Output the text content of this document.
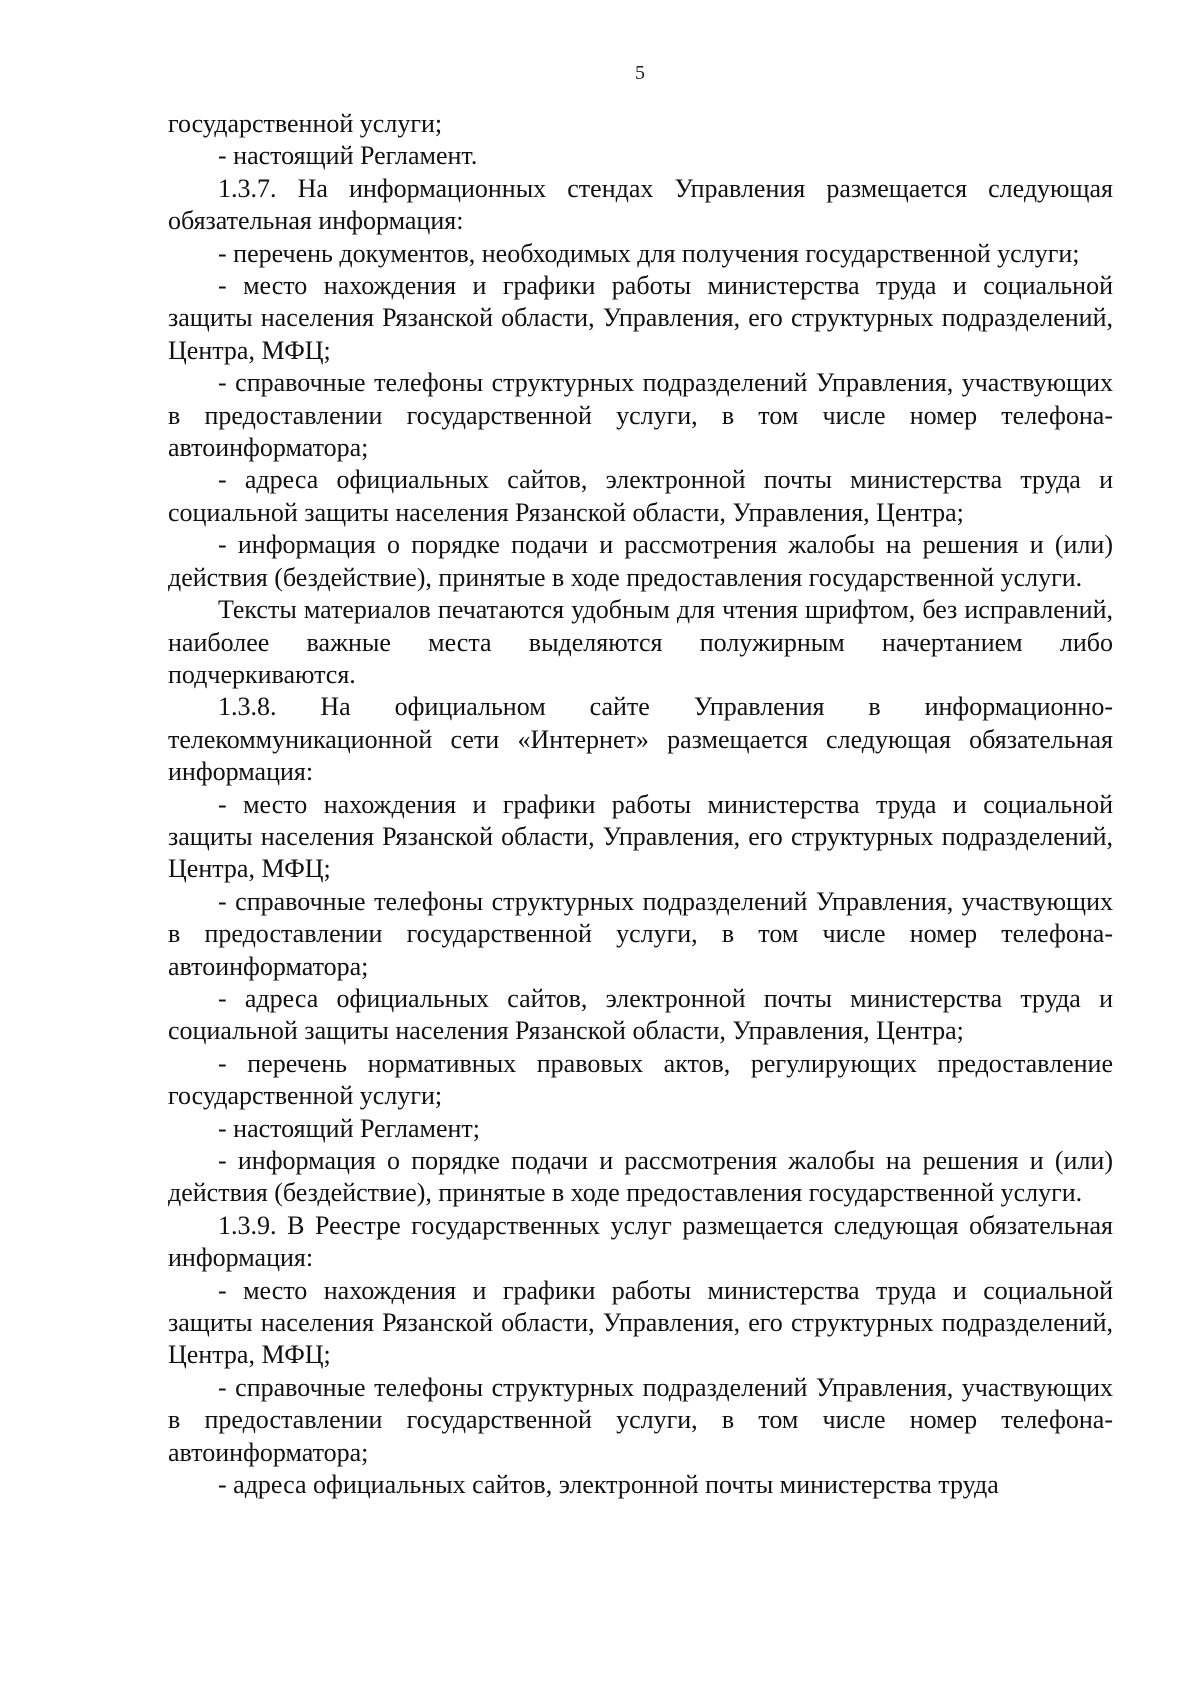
5

государственной услуги;

- настоящий Регламент.

1.3.7. На информационных стендах Управления размещается следующая обязательная информация:

- перечень документов, необходимых для получения государственной услуги;

- место нахождения и графики работы министерства труда и социальной защиты населения Рязанской области, Управления, его структурных подразделений, Центра, МФЦ;

- справочные телефоны структурных подразделений Управления, участвующих в предоставлении государственной услуги, в том числе номер телефона-автоинформатора;

- адреса официальных сайтов, электронной почты министерства труда и социальной защиты населения Рязанской области, Управления, Центра;

- информация о порядке подачи и рассмотрения жалобы на решения и (или) действия (бездействие), принятые в ходе предоставления государственной услуги.

Тексты материалов печатаются удобным для чтения шрифтом, без исправлений, наиболее важные места выделяются полужирным начертанием либо подчеркиваются.

1.3.8. На официальном сайте Управления в информационно-телекоммуникационной сети «Интернет» размещается следующая обязательная информация:

- место нахождения и графики работы министерства труда и социальной защиты населения Рязанской области, Управления, его структурных подразделений, Центра, МФЦ;

- справочные телефоны структурных подразделений Управления, участвующих в предоставлении государственной услуги, в том числе номер телефона-автоинформатора;

- адреса официальных сайтов, электронной почты министерства труда и социальной защиты населения Рязанской области, Управления, Центра;

- перечень нормативных правовых актов, регулирующих предоставление государственной услуги;

- настоящий Регламент;

- информация о порядке подачи и рассмотрения жалобы на решения и (или) действия (бездействие), принятые в ходе предоставления государственной услуги.

1.3.9. В Реестре государственных услуг размещается следующая обязательная информация:

- место нахождения и графики работы министерства труда и социальной защиты населения Рязанской области, Управления, его структурных подразделений, Центра, МФЦ;

- справочные телефоны структурных подразделений Управления, участвующих в предоставлении государственной услуги, в том числе номер телефона-автоинформатора;

- адреса официальных сайтов, электронной почты министерства труда
